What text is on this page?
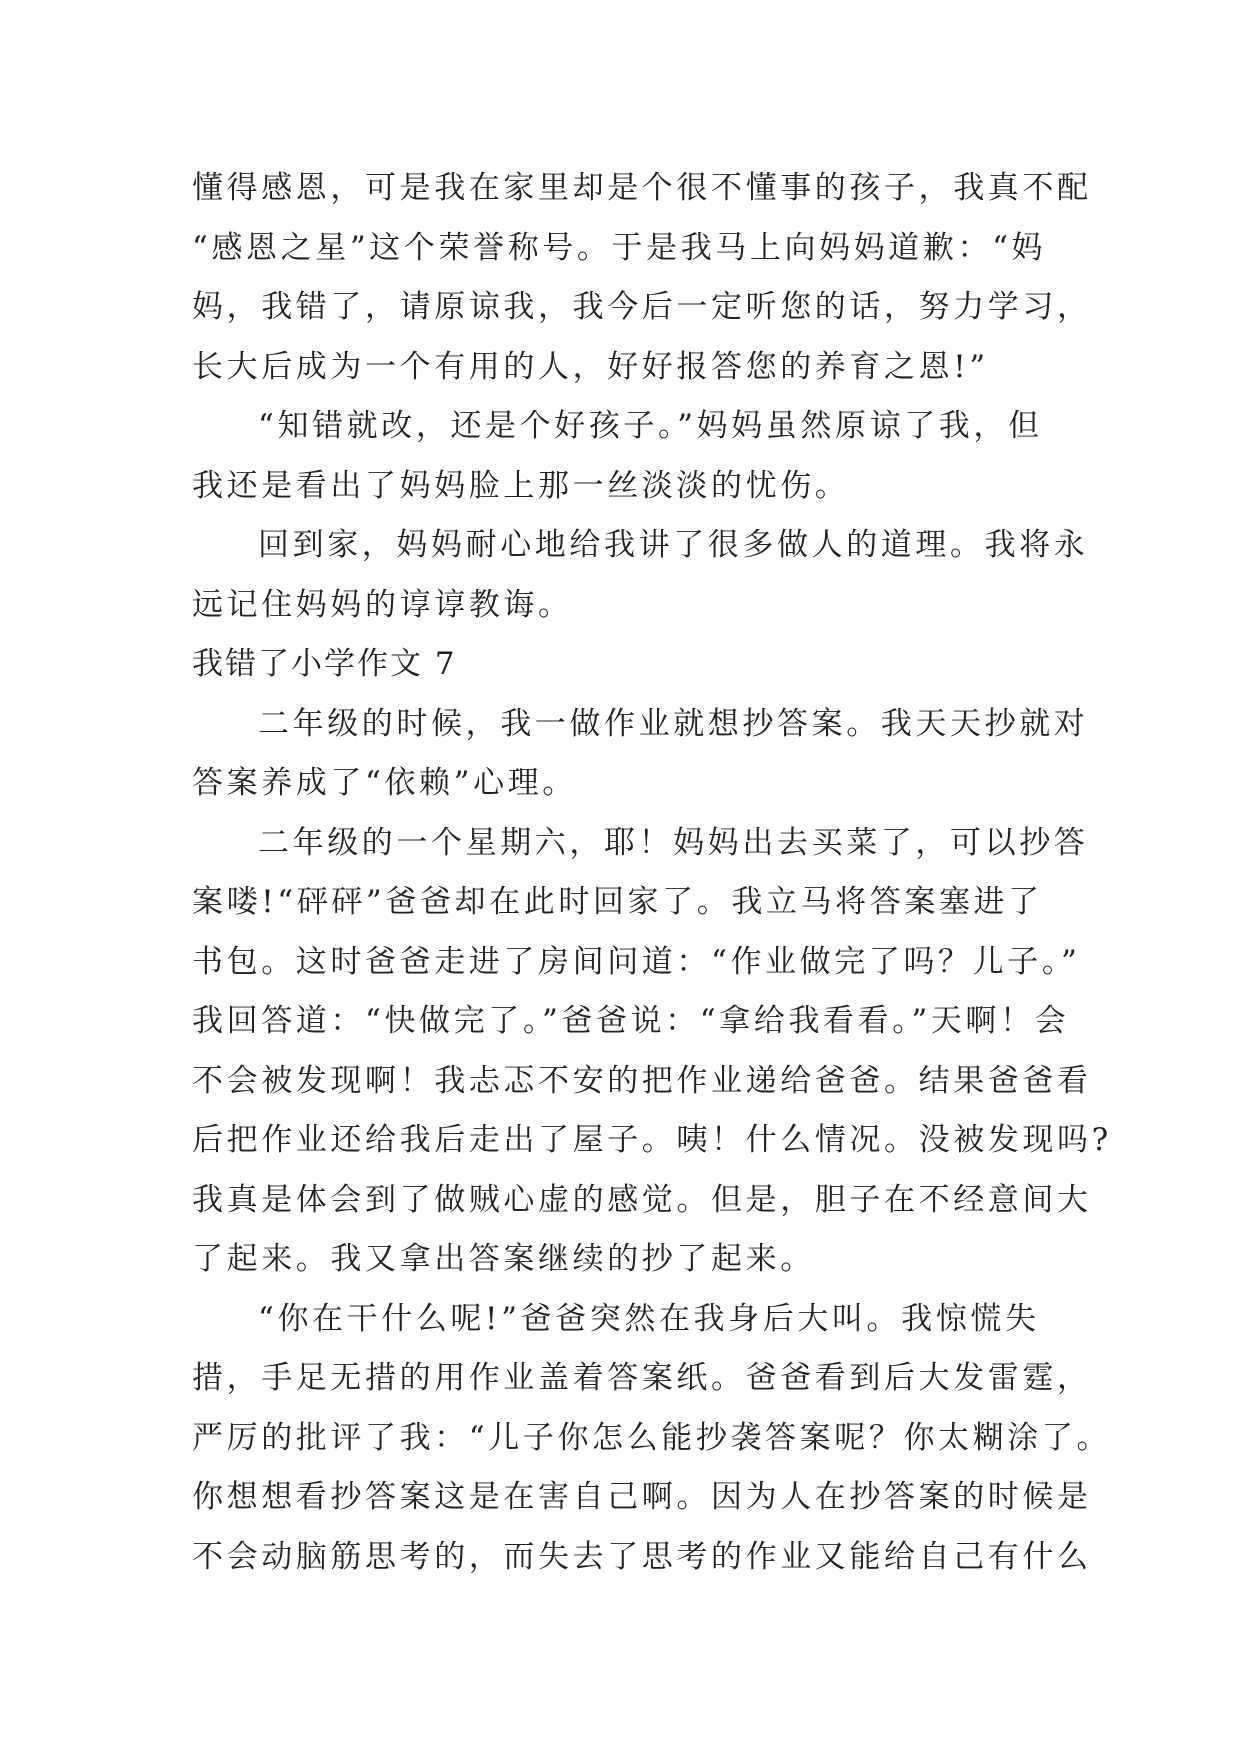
懂得感恩，可是我在家里却是个很不懂事的孩子，我真不配
“感恩之星”这个荣誉称号。于是我马上向妈妈道歉：“妈
妈，我错了，请原谅我，我今后一定听您的话，努力学习，
长大后成为一个有用的人，好好报答您的养育之恩!”
“知错就改，还是个好孩子。”妈妈虽然原谅了我，但
我还是看出了妈妈脸上那一丝淡淡的忧伤。
回到家，妈妈耐心地给我讲了很多做人的道理。我将永
远记住妈妈的谆谆教诲。
我错了小学作文 7
二年级的时候，我一做作业就想抄答案。我天天抄就对
答案养成了“依赖”心理。
二年级的一个星期六，耶！妈妈出去买菜了，可以抄答
案喽!“砰砰”爸爸却在此时回家了。我立马将答案塞进了
书包。这时爸爸走进了房间问道：“作业做完了吗？儿子。”
我回答道：“快做完了。”爸爸说：“拿给我看看。”天啊！会
不会被发现啊！我忐忑不安的把作业递给爸爸。结果爸爸看
后把作业还给我后走出了屋子。咦！什么情况。没被发现吗?
我真是体会到了做贼心虚的感觉。但是，胆子在不经意间大
了起来。我又拿出答案继续的抄了起来。
“你在干什么呢!”爸爸突然在我身后大叫。我惊慌失
措，手足无措的用作业盖着答案纸。爸爸看到后大发雷霆，
严厉的批评了我：“儿子你怎么能抄袭答案呢？你太糊涂了。
你想想看抄答案这是在害自己啊。因为人在抄答案的时候是
不会动脑筋思考的，而失去了思考的作业又能给自己有什么
